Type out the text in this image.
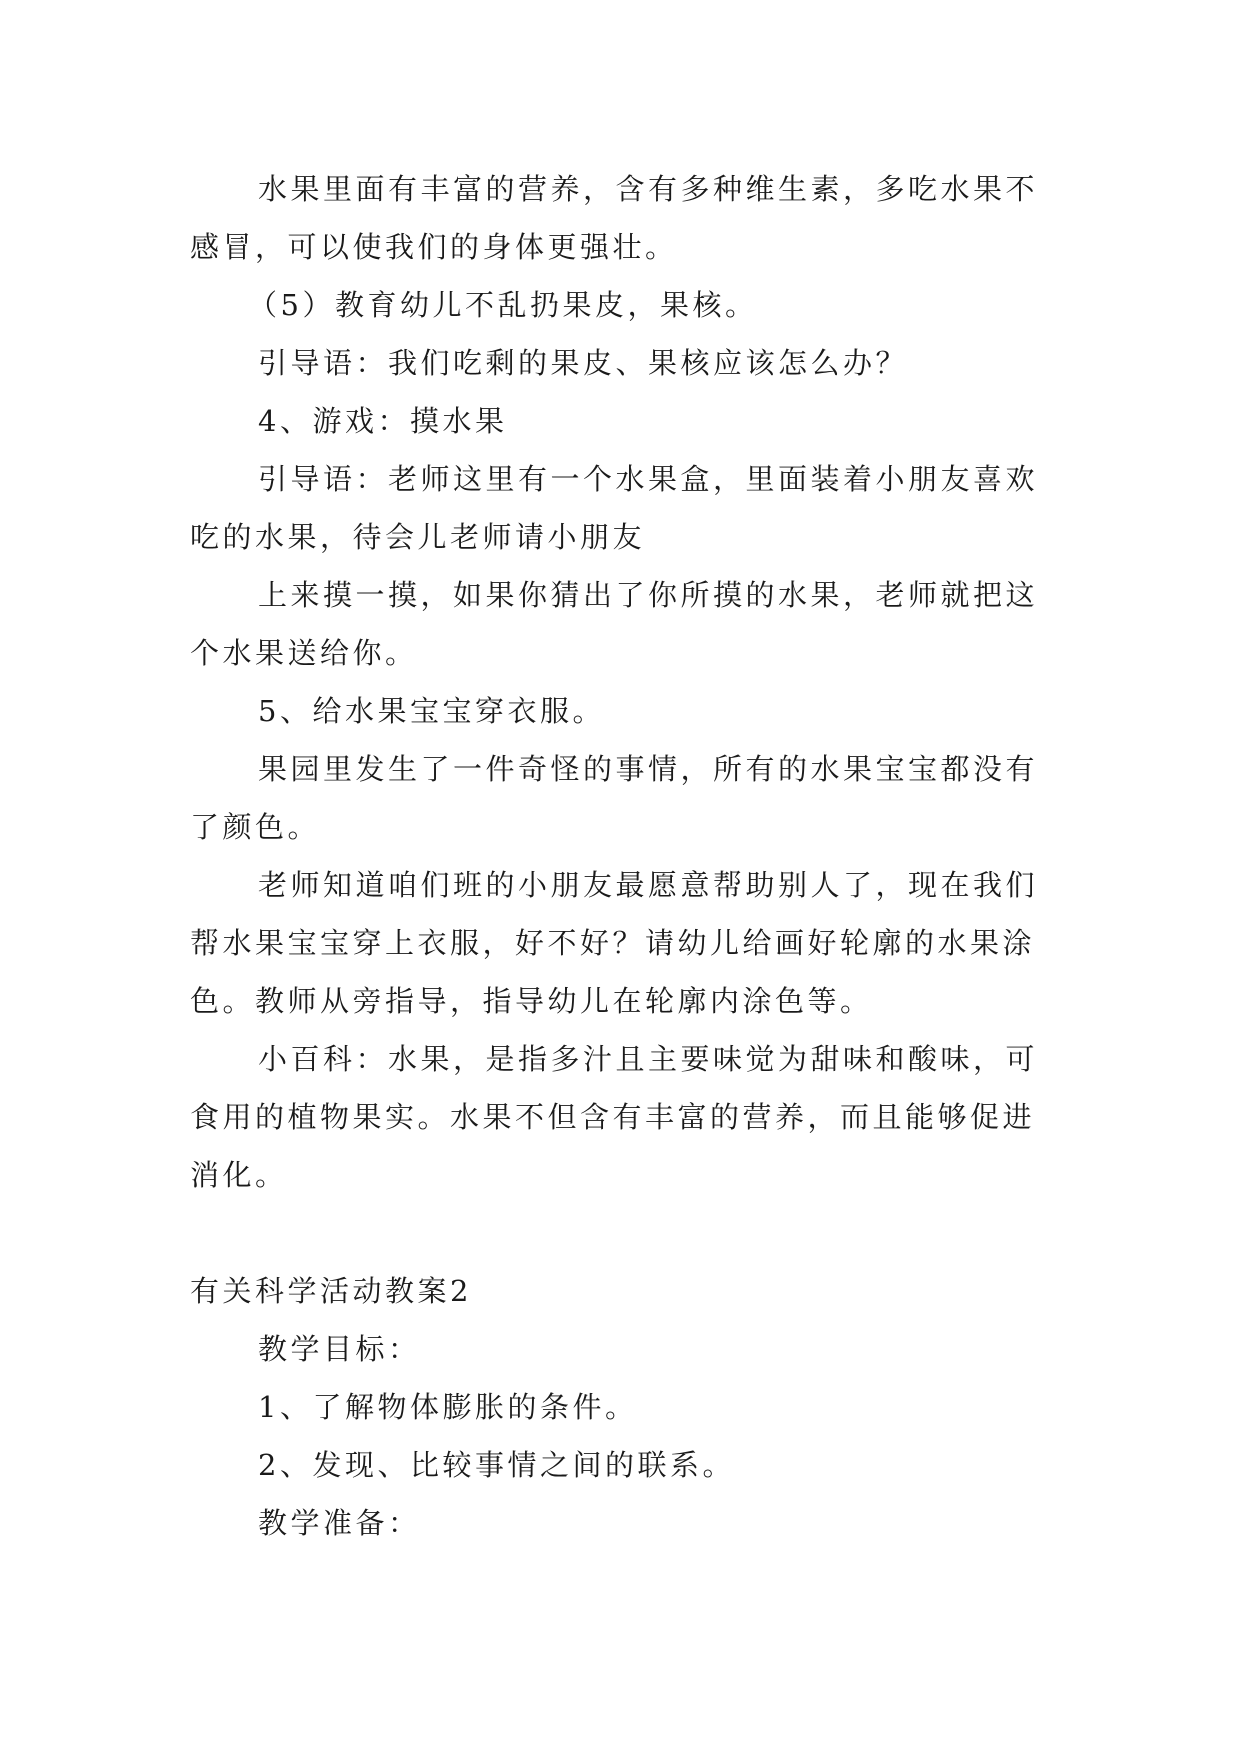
水果里面有丰富的营养，含有多种维生素，多吃水果不感冒，可以使我们的身体更强壮。

（5）教育幼儿不乱扔果皮，果核。

引导语：我们吃剩的果皮、果核应该怎么办？

4、游戏：摸水果

引导语：老师这里有一个水果盒，里面装着小朋友喜欢吃的水果，待会儿老师请小朋友

上来摸一摸，如果你猜出了你所摸的水果，老师就把这个水果送给你。

5、给水果宝宝穿衣服。

果园里发生了一件奇怪的事情，所有的水果宝宝都没有了颜色。

老师知道咱们班的小朋友最愿意帮助别人了，现在我们帮水果宝宝穿上衣服，好不好？请幼儿给画好轮廓的水果涂色。教师从旁指导，指导幼儿在轮廓内涂色等。

小百科：水果，是指多汁且主要味觉为甜味和酸味，可食用的植物果实。水果不但含有丰富的营养，而且能够促进消化。

有关科学活动教案2

教学目标：

1、了解物体膨胀的条件。

2、发现、比较事情之间的联系。

教学准备：
